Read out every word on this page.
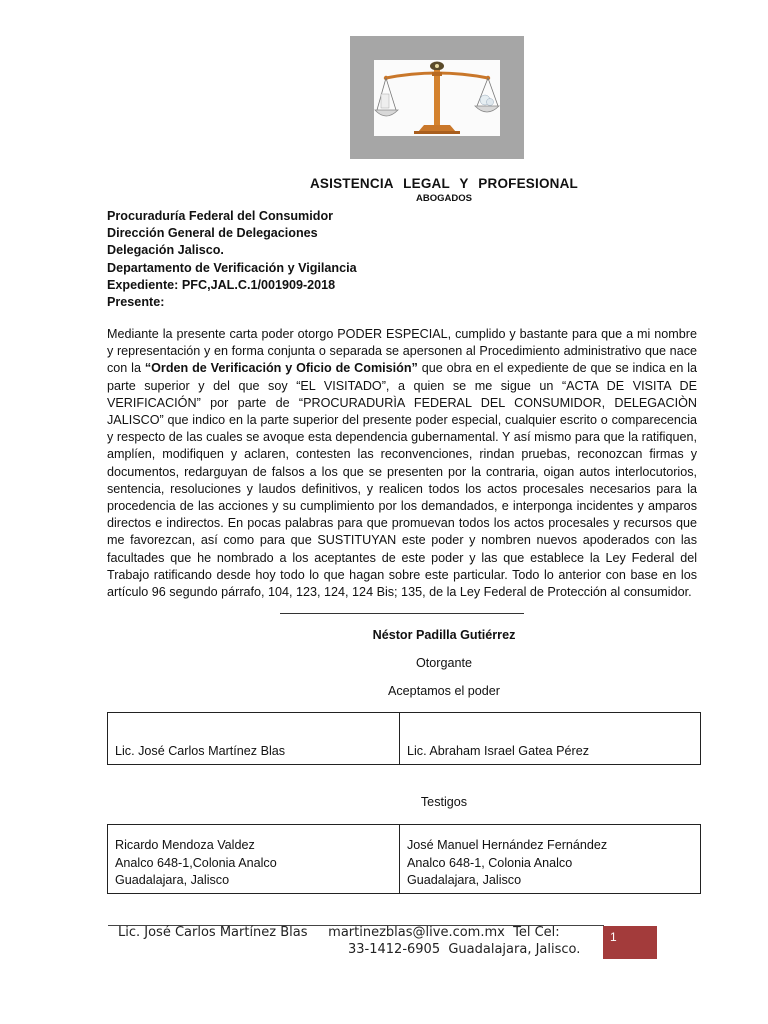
ASISTENCIA LEGAL Y PROFESIONAL
ABOGADOS
Procuraduría Federal del Consumidor
Dirección General de Delegaciones
Delegación Jalisco.
Departamento de Verificación y Vigilancia
Expediente: PFC,JAL.C.1/001909-2018
Presente:
Mediante la presente carta poder otorgo PODER ESPECIAL, cumplido y bastante para que a mi nombre y representación y en forma conjunta o separada se apersonen al Procedimiento administrativo que nace con la “Orden de Verificación y Oficio de Comisión” que obra en el expediente de que se indica en la parte superior y del que soy “EL VISITADO”, a quien se me sigue un “ACTA DE VISITA DE VERIFICACIÓN” por parte de “PROCURADURÌA FEDERAL DEL CONSUMIDOR, DELEGACIÒN JALISCO” que indico en la parte superior del presente poder especial, cualquier escrito o comparecencia y respecto de las cuales se avoque esta dependencia gubernamental. Y así mismo para que la ratifiquen, amplíen, modifiquen y aclaren, contesten las reconvenciones, rindan pruebas, reconozcan firmas y documentos, redarguyan de falsos a los que se presenten por la contraria, oigan autos interlocutorios, sentencia, resoluciones y laudos definitivos, y realicen todos los actos procesales necesarios para la procedencia de las acciones y su cumplimiento por los demandados, e interponga incidentes y amparos directos e indirectos. En pocas palabras para que promuevan todos los actos procesales y recursos que me favorezcan, así como para que SUSTITUYAN este poder y nombren nuevos apoderados con las facultades que he nombrado a los aceptantes de este poder y las que establece la Ley Federal del Trabajo ratificando desde hoy todo lo que hagan sobre este particular. Todo lo anterior con base en los artículo 96 segundo párrafo, 104, 123, 124, 124 Bis; 135, de la Ley Federal de Protección al consumidor.
Néstor Padilla Gutiérrez
Otorgante
Aceptamos el poder
Lic. José Carlos Martínez Blas	Lic. Abraham Israel Gatea Pérez
Testigos
Ricardo Mendoza Valdez
Analco 648-1,Colonia Analco
Guadalajara, Jalisco

José Manuel Hernández Fernández
Analco 648-1, Colonia Analco
Guadalajara, Jalisco
Lic. José Carlos Martínez Blas     martinezblas@live.com.mx  Tel Cel:
33-1412-6905  Guadalajara, Jalisco.
1
